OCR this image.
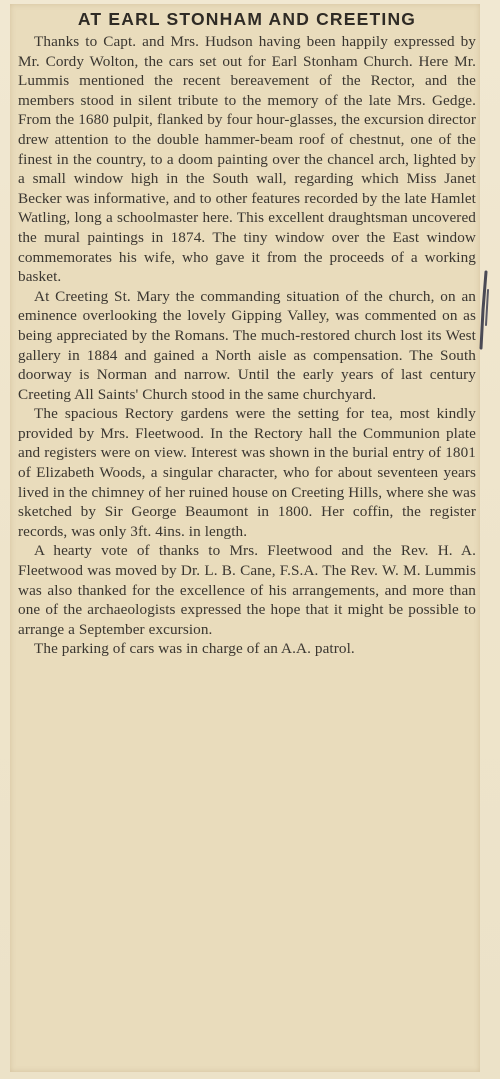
AT EARL STONHAM AND CREETING

Thanks to Capt. and Mrs. Hudson having been happily expressed by Mr. Cordy Wolton, the cars set out for Earl Stonham Church. Here Mr. Lummis mentioned the recent bereavement of the Rector, and the members stood in silent tribute to the memory of the late Mrs. Gedge. From the 1680 pulpit, flanked by four hour-glasses, the excursion director drew attention to the double hammer-beam roof of chestnut, one of the finest in the country, to a doom painting over the chancel arch, lighted by a small window high in the South wall, regarding which Miss Janet Becker was informative, and to other features recorded by the late Hamlet Watling, long a schoolmaster here. This excellent draughtsman uncovered the mural paintings in 1874. The tiny window over the East window commemorates his wife, who gave it from the proceeds of a working basket.

At Creeting St. Mary the commanding situation of the church, on an eminence overlooking the lovely Gipping Valley, was commented on as being appreciated by the Romans. The much-restored church lost its West gallery in 1884 and gained a North aisle as compensation. The South doorway is Norman and narrow. Until the early years of last century Creeting All Saints' Church stood in the same churchyard.

The spacious Rectory gardens were the setting for tea, most kindly provided by Mrs. Fleetwood. In the Rectory hall the Communion plate and registers were on view. Interest was shown in the burial entry of 1801 of Elizabeth Woods, a singular character, who for about seventeen years lived in the chimney of her ruined house on Creeting Hills, where she was sketched by Sir George Beaumont in 1800. Her coffin, the register records, was only 3ft. 4ins. in length.

A hearty vote of thanks to Mrs. Fleetwood and the Rev. H. A. Fleetwood was moved by Dr. L. B. Cane, F.S.A. The Rev. W. M. Lummis was also thanked for the excellence of his arrangements, and more than one of the archaeologists expressed the hope that it might be possible to arrange a September excursion.

The parking of cars was in charge of an A.A. patrol.
